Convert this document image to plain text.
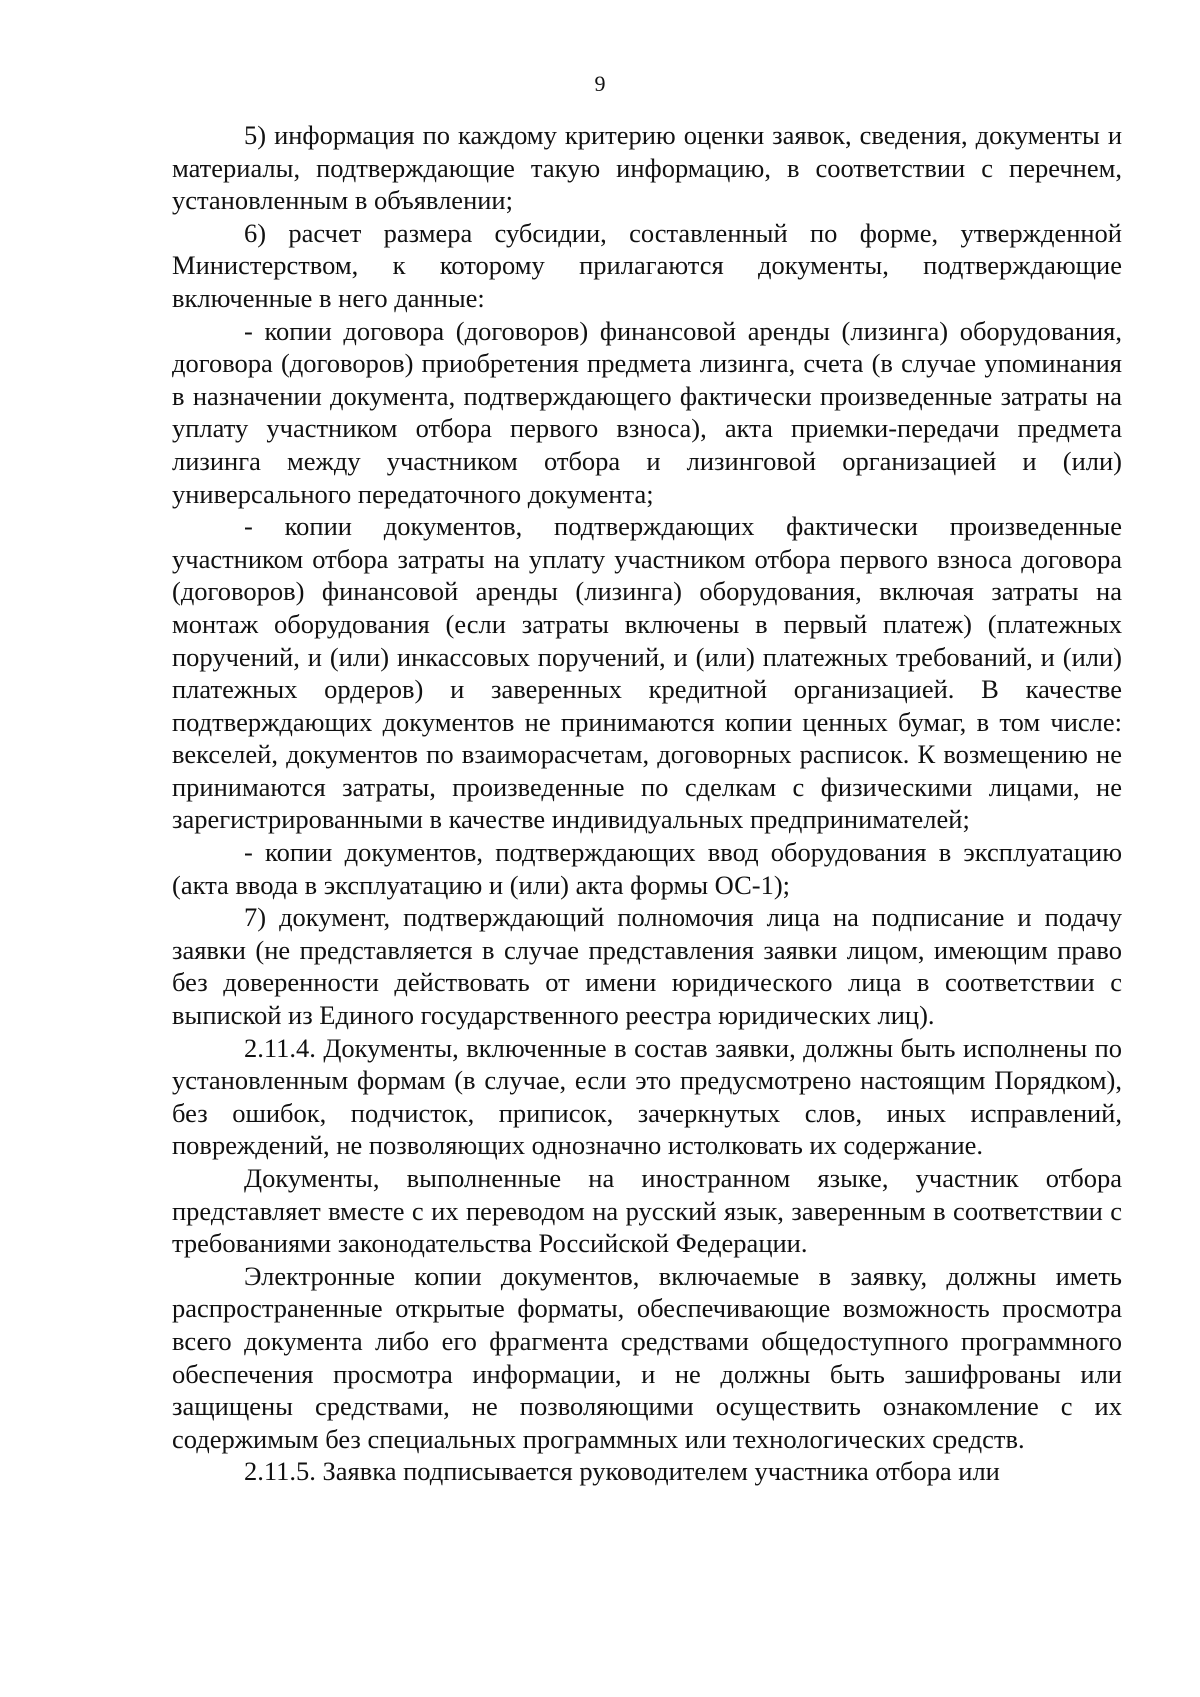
9

5) информация по каждому критерию оценки заявок, сведения, документы и материалы, подтверждающие такую информацию, в соответствии с перечнем, установленным в объявлении;

6) расчет размера субсидии, составленный по форме, утвержденной Министерством, к которому прилагаются документы, подтверждающие включенные в него данные:

- копии договора (договоров) финансовой аренды (лизинга) оборудования, договора (договоров) приобретения предмета лизинга, счета (в случае упоминания в назначении документа, подтверждающего фактически произведенные затраты на уплату участником отбора первого взноса), акта приемки-передачи предмета лизинга между участником отбора и лизинговой организацией и (или) универсального передаточного документа;

- копии документов, подтверждающих фактически произведенные участником отбора затраты на уплату участником отбора первого взноса договора (договоров) финансовой аренды (лизинга) оборудования, включая затраты на монтаж оборудования (если затраты включены в первый платеж) (платежных поручений, и (или) инкассовых поручений, и (или) платежных требований, и (или) платежных ордеров) и заверенных кредитной организацией. В качестве подтверждающих документов не принимаются копии ценных бумаг, в том числе: векселей, документов по взаиморасчетам, договорных расписок. К возмещению не принимаются затраты, произведенные по сделкам с физическими лицами, не зарегистрированными в качестве индивидуальных предпринимателей;

- копии документов, подтверждающих ввод оборудования в эксплуатацию (акта ввода в эксплуатацию и (или) акта формы ОС-1);

7) документ, подтверждающий полномочия лица на подписание и подачу заявки (не представляется в случае представления заявки лицом, имеющим право без доверенности действовать от имени юридического лица в соответствии с выпиской из Единого государственного реестра юридических лиц).

2.11.4. Документы, включенные в состав заявки, должны быть исполнены по установленным формам (в случае, если это предусмотрено настоящим Порядком), без ошибок, подчисток, приписок, зачеркнутых слов, иных исправлений, повреждений, не позволяющих однозначно истолковать их содержание.

Документы, выполненные на иностранном языке, участник отбора представляет вместе с их переводом на русский язык, заверенным в соответствии с требованиями законодательства Российской Федерации.

Электронные копии документов, включаемые в заявку, должны иметь распространенные открытые форматы, обеспечивающие возможность просмотра всего документа либо его фрагмента средствами общедоступного программного обеспечения просмотра информации, и не должны быть зашифрованы или защищены средствами, не позволяющими осуществить ознакомление с их содержимым без специальных программных или технологических средств.

2.11.5. Заявка подписывается руководителем участника отбора или
